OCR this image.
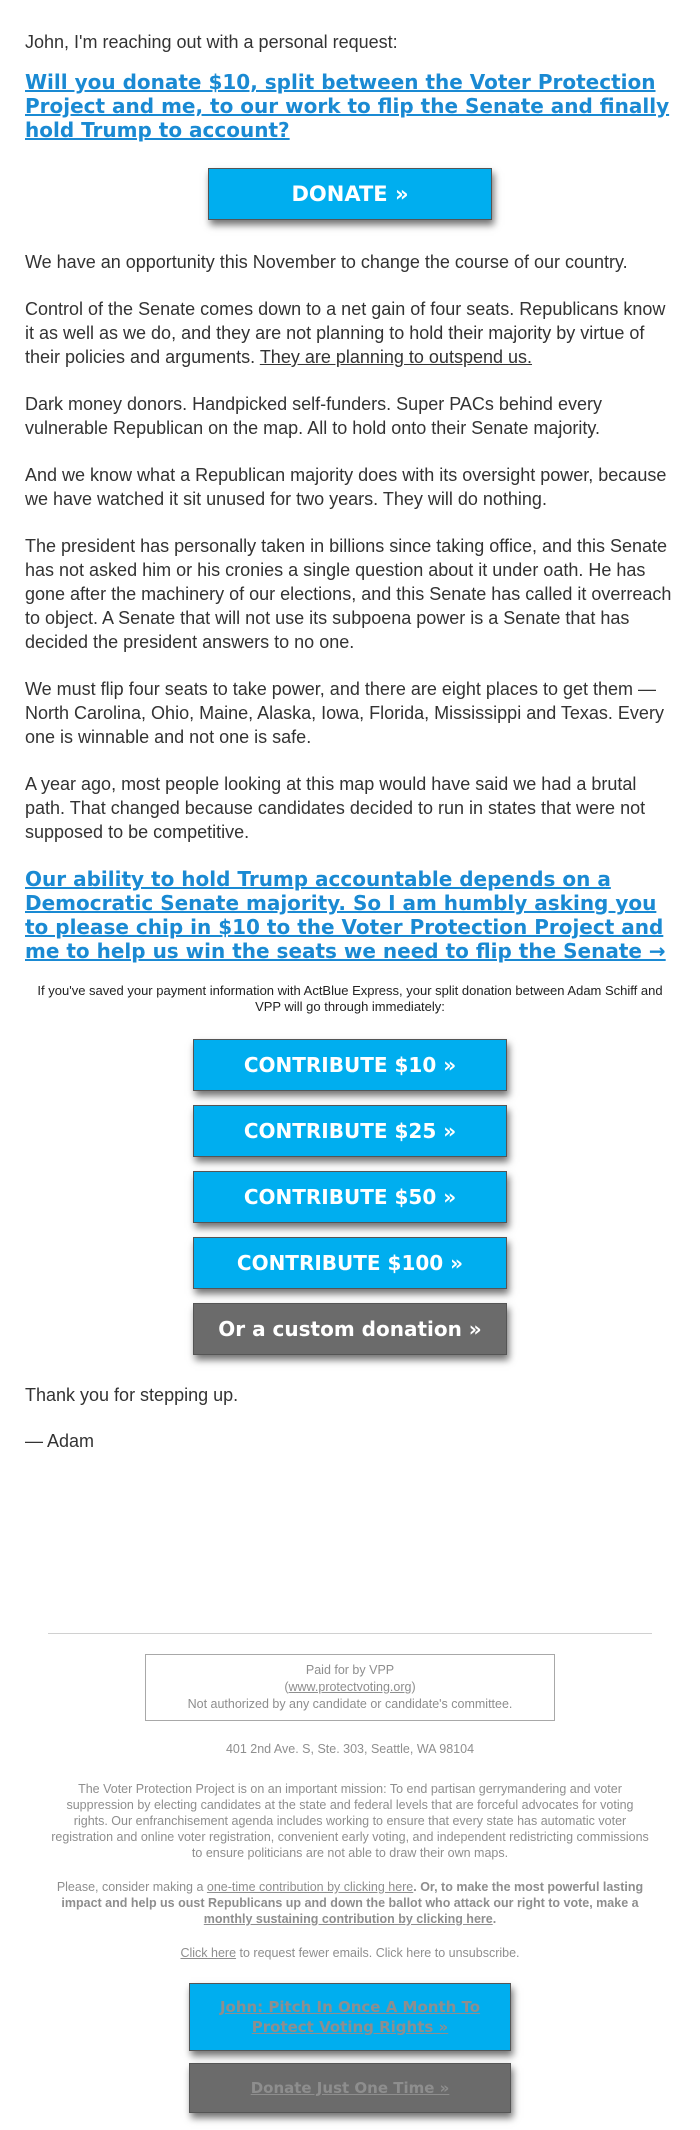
John, I'm reaching out with a personal request:

Will you donate $10, split between the Voter Protection Project and me, to our work to flip the Senate and finally hold Trump to account?
DONATE »

We have an opportunity this November to change the course of our country.

Control of the Senate comes down to a net gain of four seats. Republicans know it as well as we do, and they are not planning to hold their majority by virtue of their policies and arguments. They are planning to outspend us.

Dark money donors. Handpicked self-funders. Super PACs behind every vulnerable Republican on the map. All to hold onto their Senate majority.

And we know what a Republican majority does with its oversight power, because we have watched it sit unused for two years. They will do nothing.

The president has personally taken in billions since taking office, and this Senate has not asked him or his cronies a single question about it under oath. He has gone after the machinery of our elections, and this Senate has called it overreach to object. A Senate that will not use its subpoena power is a Senate that has decided the president answers to no one.

We must flip four seats to take power, and there are eight places to get them — North Carolina, Ohio, Maine, Alaska, Iowa, Florida, Mississippi and Texas. Every one is winnable and not one is safe.

A year ago, most people looking at this map would have said we had a brutal path. That changed because candidates decided to run in states that were not supposed to be competitive.

Our ability to hold Trump accountable depends on a Democratic Senate majority. So I am humbly asking you to please chip in $10 to the Voter Protection Project and me to help us win the seats we need to flip the Senate →

If you've saved your payment information with ActBlue Express, your split donation between Adam Schiff and VPP will go through immediately:

CONTRIBUTE $10 »
CONTRIBUTE $25 »
CONTRIBUTE $50 »
CONTRIBUTE $100 »
Or a custom donation »

Thank you for stepping up.

— Adam

Paid for by VPP
(www.protectvoting.org)
Not authorized by any candidate or candidate's committee.

401 2nd Ave. S, Ste. 303, Seattle, WA 98104

The Voter Protection Project is on an important mission: To end partisan gerrymandering and voter suppression by electing candidates at the state and federal levels that are forceful advocates for voting rights. Our enfranchisement agenda includes working to ensure that every state has automatic voter registration and online voter registration, convenient early voting, and independent redistricting commissions to ensure politicians are not able to draw their own maps.

Please, consider making a one-time contribution by clicking here. Or, to make the most powerful lasting impact and help us oust Republicans up and down the ballot who attack our right to vote, make a monthly sustaining contribution by clicking here.

Click here to request fewer emails. Click here to unsubscribe.

John: Pitch In Once A Month To Protect Voting Rights »
Donate Just One Time »
